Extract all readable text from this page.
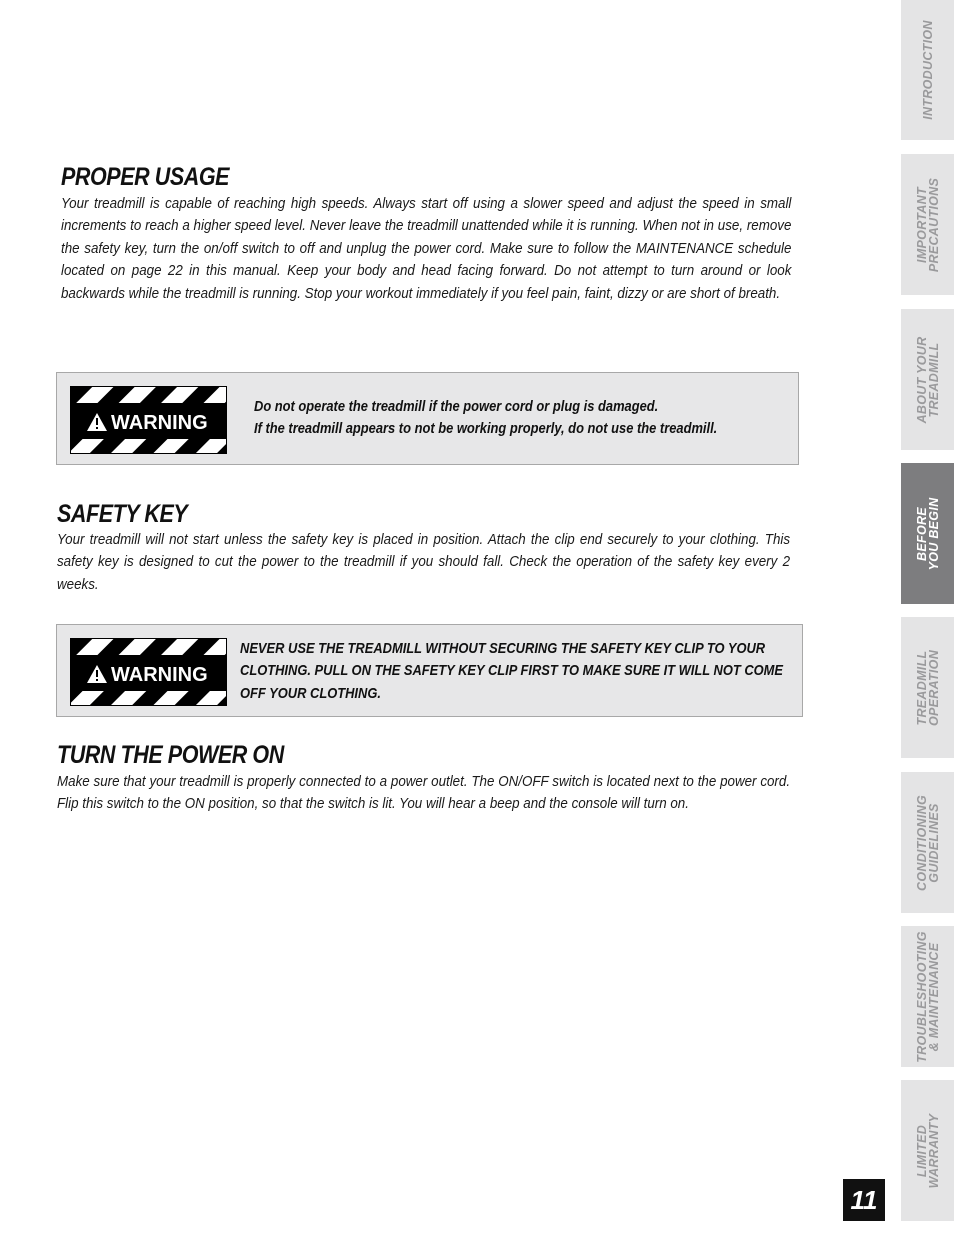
PROPER USAGE
Your treadmill is capable of reaching high speeds. Always start off using a slower speed and adjust the speed in small increments to reach a higher speed level. Never leave the treadmill unattended while it is running. When not in use, remove the safety key, turn the on/off switch to off and unplug the power cord. Make sure to follow the MAINTENANCE schedule located on page 22 in this manual. Keep your body and head facing forward. Do not attempt to turn around or look backwards while the treadmill is running. Stop your workout immediately if you feel pain, faint, dizzy or are short of breath.
WARNING
Do not operate the treadmill if the power cord or plug is damaged.
If the treadmill appears to not be working properly, do not use the treadmill.
SAFETY KEY
Your treadmill will not start unless the safety key is placed in position. Attach the clip end securely to your clothing. This safety key is designed to cut the power to the treadmill if you should fall. Check the operation of the safety key every 2 weeks.
WARNING
NEVER USE THE TREADMILL WITHOUT SECURING THE SAFETY KEY CLIP TO YOUR
CLOTHING. PULL ON THE SAFETY KEY CLIP FIRST TO MAKE SURE IT WILL NOT COME
OFF YOUR CLOTHING.
TURN THE POWER ON
Make sure that your treadmill is properly connected to a power outlet. The ON/OFF switch is located next to the power cord. Flip this switch to the ON position, so that the switch is lit. You will hear a beep and the console will turn on.
INTRODUCTION
IMPORTANT
PRECAUTIONS
ABOUT YOUR
TREADMILL
BEFORE
YOU BEGIN
TREADMILL
OPERATION
CONDITIONING
GUIDELINES
TROUBLESHOOTING
& MAINTENANCE
LIMITED
WARRANTY
11
